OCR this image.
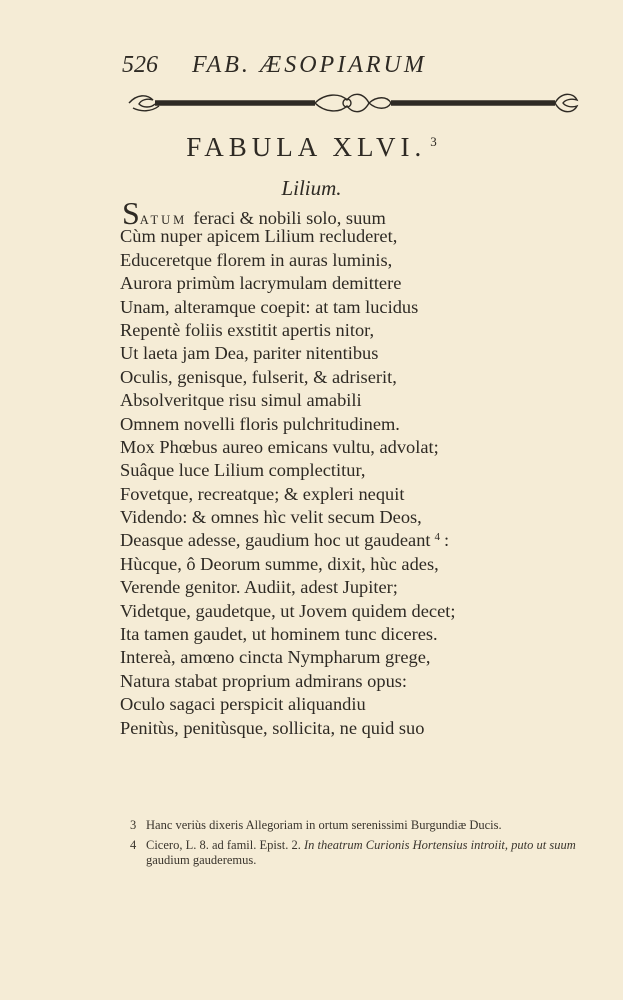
526 FAB. ÆSOPIARUM
FABULA XLVI. $^3$
Lilium.
SATUM feraci & nobili solo, suum
Cùm nuper apicem Lilium recluderet,
Educeretque florem in auras luminis,
Aurora primùm lacrymulam demittere
Unam, alteramque coepit: at tam lucidus
Repentè foliis exstitit apertis nitor,
Ut laeta jam Dea, pariter nitentibus
Oculis, genisque, fulserit, & adriserit,
Absolveritque risu simul amabili
Omnem novelli floris pulchritudinem.
Mox Phœbus aureo emicans vultu, advolat;
Suâque luce Lilium complectitur,
Fovetque, recreatque; & expleri nequit
Videndo: & omnes hìc velit secum Deos,
Deasque adesse, gaudium hoc ut gaudeant $^4$ :
Hùcque, ô Deorum summe, dixit, hùc ades,
Verende genitor. Audiit, adest Jupiter;
Videtque, gaudetque, ut Jovem quidem decet;
Ita tamen gaudet, ut hominem tunc diceres.
Intereà, amœno cincta Nympharum grege,
Natura stabat proprium admirans opus:
Oculo sagaci perspicit aliquandiu
Penitùs, penitùsque, sollicita, ne quid suo
3 Hanc veriùs dixeris Allegoriam in ortum serenissimi Burgundiæ Ducis.
4 Cicero, L. 8. ad famil. Epist. 2. In theatrum Curionis Hortensius introiit, puto ut suum gaudium gauderemus.
